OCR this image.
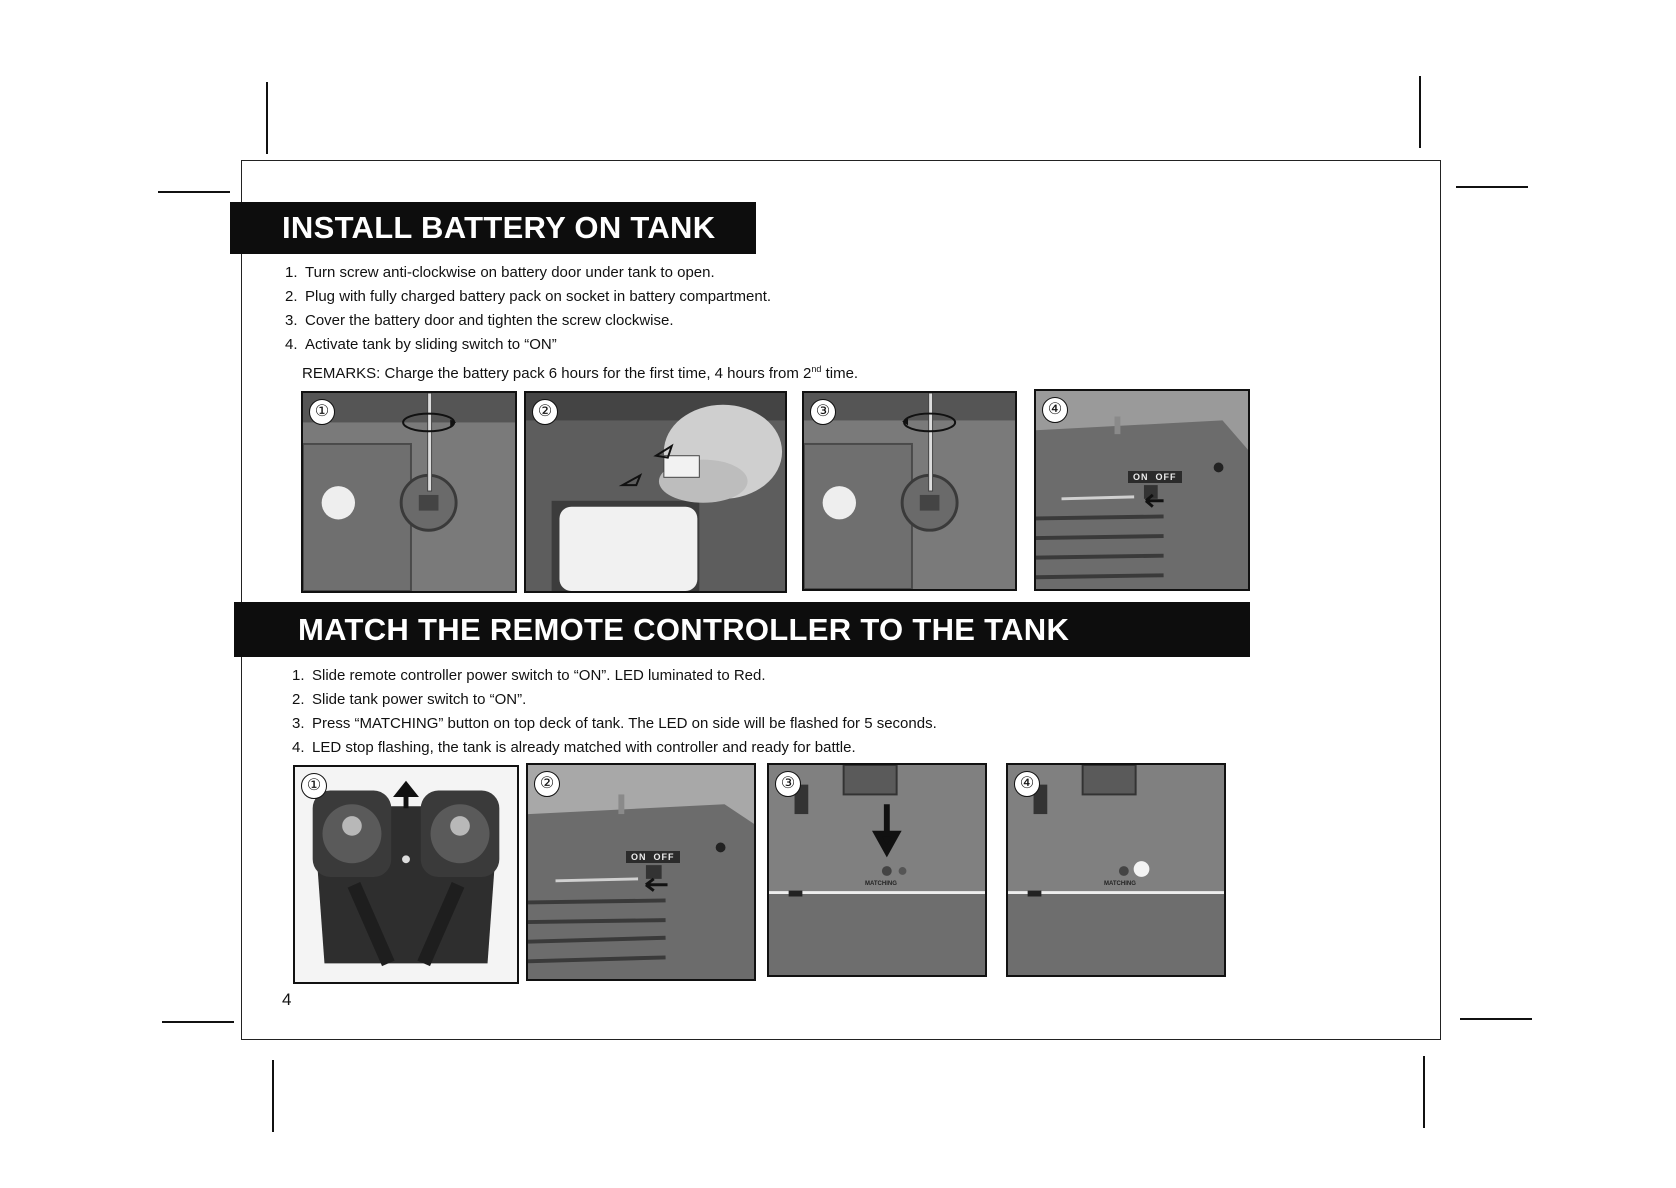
INSTALL BATTERY ON TANK
1. Turn screw anti-clockwise on battery door under tank to open.
2. Plug with fully charged battery pack on socket in battery compartment.
3. Cover the battery door and tighten the screw clockwise.
4. Activate tank by sliding switch to “ON”
REMARKS: Charge the battery pack 6 hours for the first time, 4 hours from 2nd time.
①	②	③	④
ON OFF
MATCH THE REMOTE CONTROLLER TO THE TANK
1. Slide remote controller power switch to “ON”. LED luminated to Red.
2. Slide tank power switch to “ON”.
3. Press “MATCHING” button on top deck of tank. The LED on side will be flashed for 5 seconds.
4. LED stop flashing, the tank is already matched with controller and ready for battle.
①	②
ON OFF
③
MATCHING
④
MATCHING
4
